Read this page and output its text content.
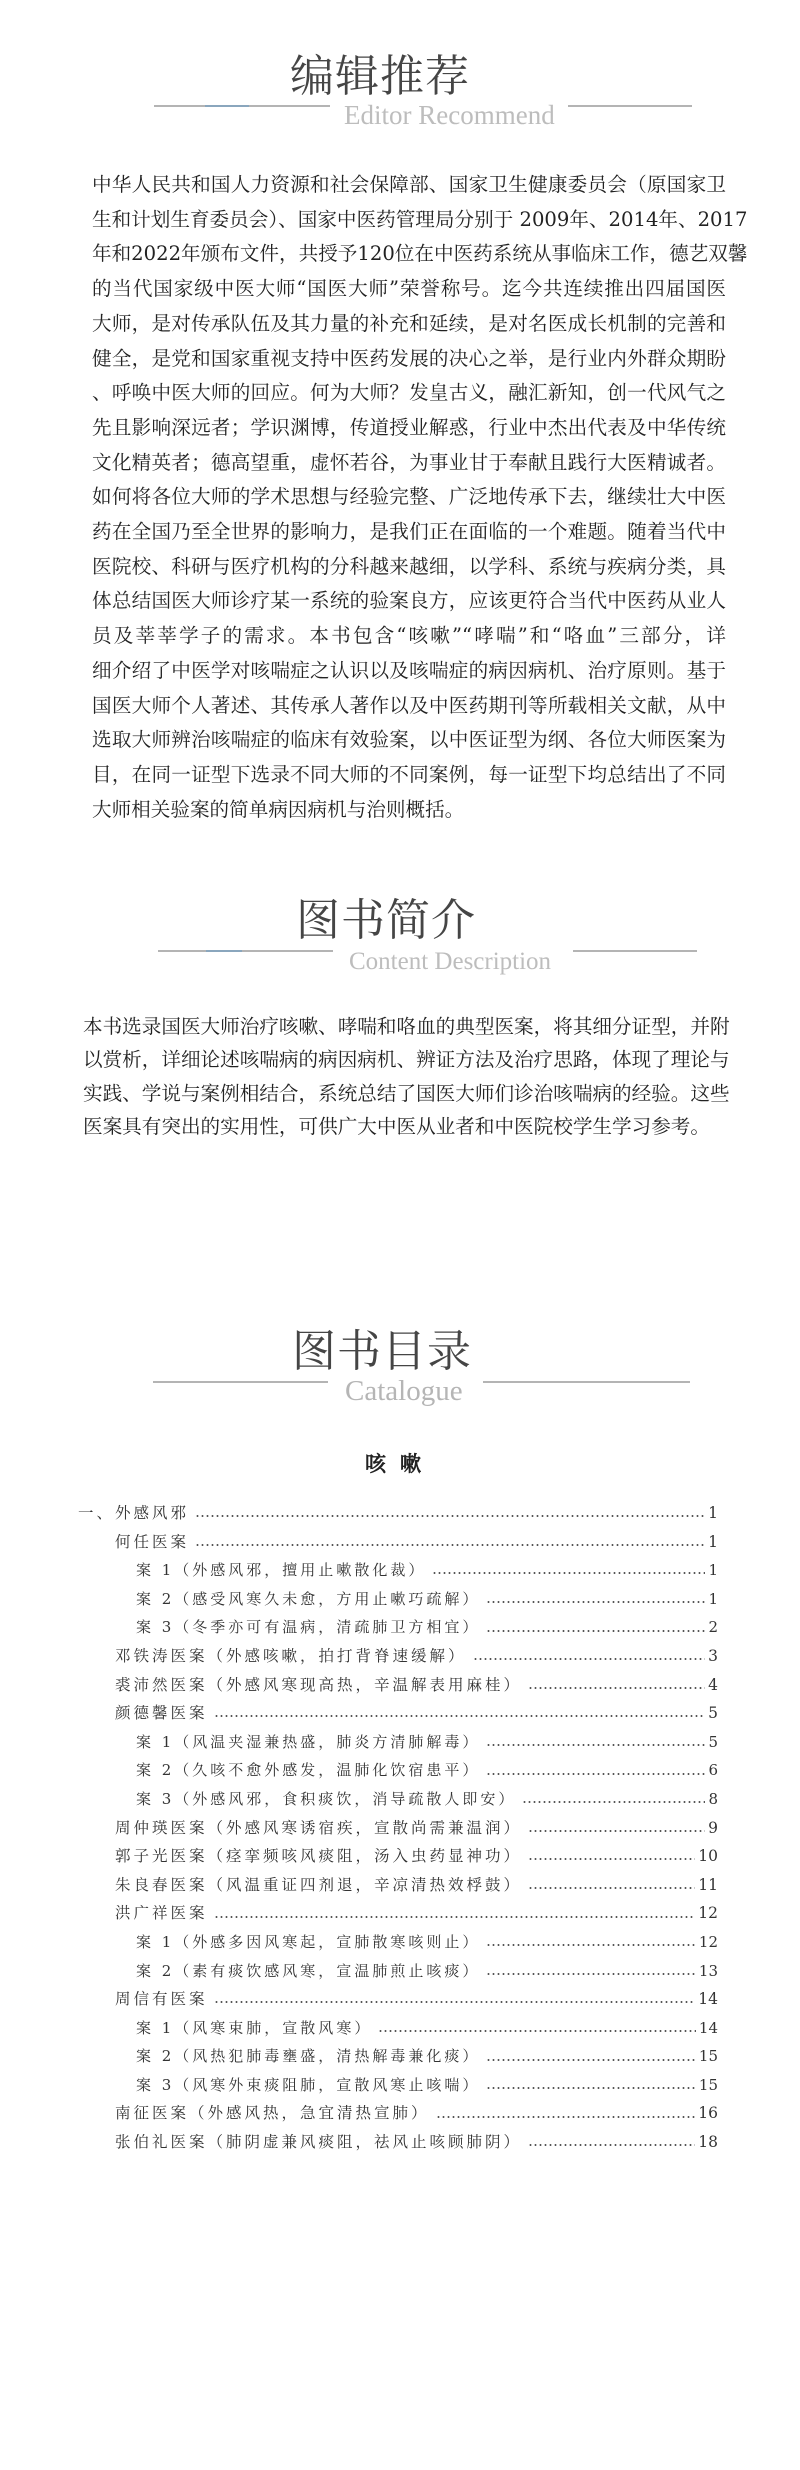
编辑推荐
Editor Recommend
中华人民共和国人力资源和社会保障部、国家卫生健康委员会（原国家卫
生和计划生育委员会）、国家中医药管理局分别于 2009年、2014年、2017
年和2022年颁布文件，共授予120位在中医药系统从事临床工作，德艺双馨
的当代国家级中医大师“国医大师”荣誉称号。迄今共连续推出四届国医
大师，是对传承队伍及其力量的补充和延续，是对名医成长机制的完善和
健全，是党和国家重视支持中医药发展的决心之举，是行业内外群众期盼
、呼唤中医大师的回应。何为大师？发皇古义，融汇新知，创一代风气之
先且影响深远者；学识渊博，传道授业解惑，行业中杰出代表及中华传统
文化精英者；德高望重，虚怀若谷，为事业甘于奉献且践行大医精诚者。
如何将各位大师的学术思想与经验完整、广泛地传承下去，继续壮大中医
药在全国乃至全世界的影响力，是我们正在面临的一个难题。随着当代中
医院校、科研与医疗机构的分科越来越细，以学科、系统与疾病分类，具
体总结国医大师诊疗某一系统的验案良方，应该更符合当代中医药从业人
员及莘莘学子的需求。本书包含“咳嗽”“哮喘”和“咯血”三部分，详
细介绍了中医学对咳喘症之认识以及咳喘症的病因病机、治疗原则。基于
国医大师个人著述、其传承人著作以及中医药期刊等所载相关文献，从中
选取大师辨治咳喘症的临床有效验案，以中医证型为纲、各位大师医案为
目，在同一证型下选录不同大师的不同案例，每一证型下均总结出了不同
大师相关验案的简单病因病机与治则概括。
图书简介
Content Description
本书选录国医大师治疗咳嗽、哮喘和咯血的典型医案，将其细分证型，并附
以赏析，详细论述咳喘病的病因病机、辨证方法及治疗思路，体现了理论与
实践、学说与案例相结合，系统总结了国医大师们诊治咳喘病的经验。这些
医案具有突出的实用性，可供广大中医从业者和中医院校学生学习参考。
图书目录
Catalogue
咳嗽
一、外感风邪	1
何任医案	1
案 1（外感风邪，擅用止嗽散化裁）	1
案 2（感受风寒久未愈，方用止嗽巧疏解）	1
案 3（冬季亦可有温病，清疏肺卫方相宜）	2
邓铁涛医案（外感咳嗽，拍打背脊速缓解）	3
裘沛然医案（外感风寒现高热，辛温解表用麻桂）	4
颜德馨医案	5
案 1（风温夹湿兼热盛，肺炎方清肺解毒）	5
案 2（久咳不愈外感发，温肺化饮宿患平）	6
案 3（外感风邪，食积痰饮，消导疏散人即安）	8
周仲瑛医案（外感风寒诱宿疾，宣散尚需兼温润）	9
郭子光医案（痉挛频咳风痰阻，汤入虫药显神功）	10
朱良春医案（风温重证四剂退，辛凉清热效桴鼓）	11
洪广祥医案	12
案 1（外感多因风寒起，宣肺散寒咳则止）	12
案 2（素有痰饮感风寒，宣温肺煎止咳痰）	13
周信有医案	14
案 1（风寒束肺，宣散风寒）	14
案 2（风热犯肺毒壅盛，清热解毒兼化痰）	15
案 3（风寒外束痰阻肺，宣散风寒止咳喘）	15
南征医案（外感风热，急宜清热宣肺）	16
张伯礼医案（肺阴虚兼风痰阻，祛风止咳顾肺阴）	18
